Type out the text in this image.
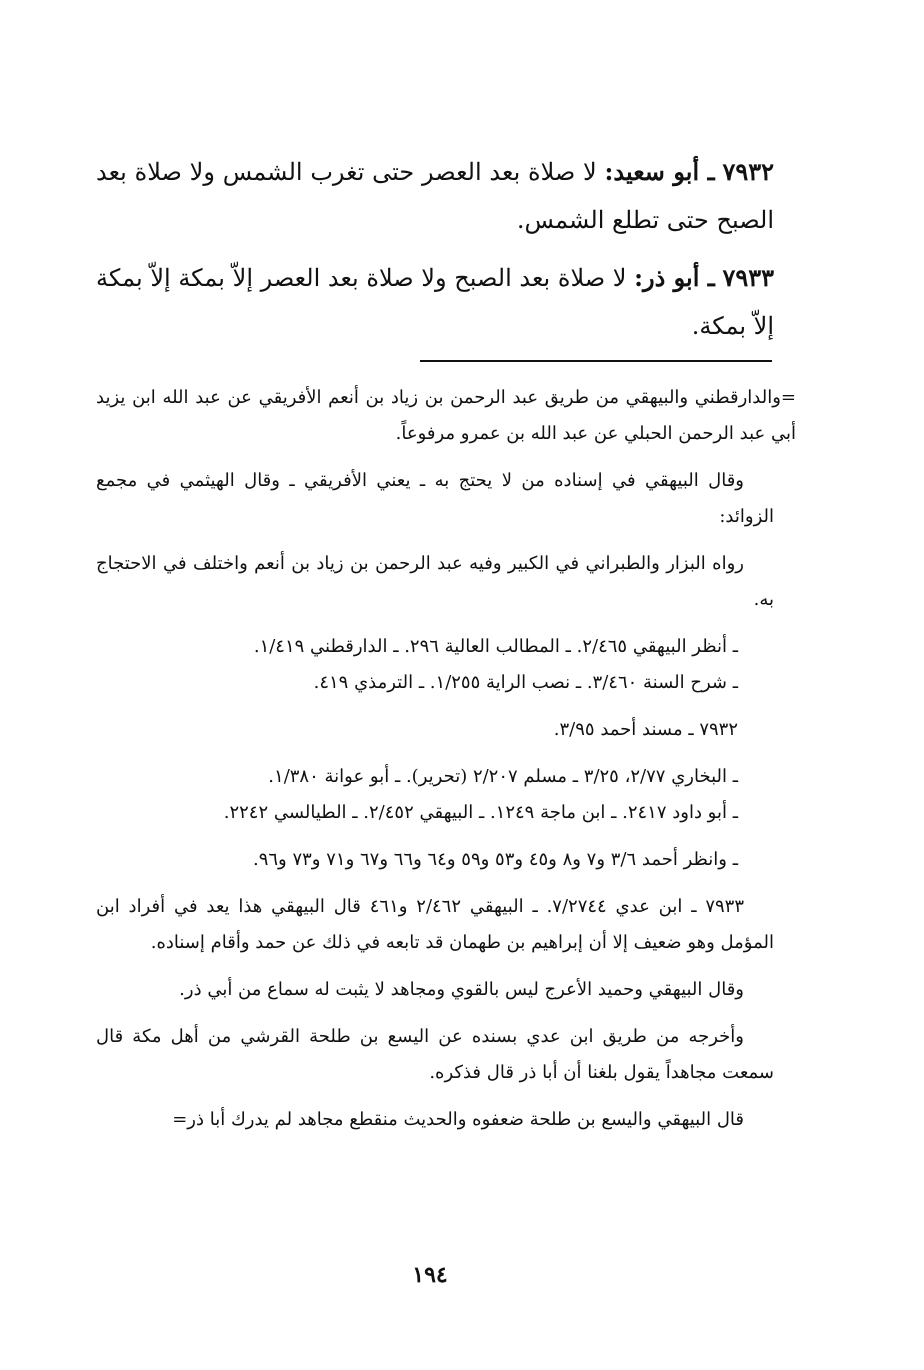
٧٩٣٢ ـ أبو سعيد: لا صلاة بعد العصر حتى تغرب الشمس ولا صلاة بعد الصبح حتى تطلع الشمس.

٧٩٣٣ ـ أبو ذر: لا صلاة بعد الصبح ولا صلاة بعد العصر إلاّ بمكة إلاّ بمكة إلاّ بمكة.

=والدارقطني والبيهقي من طريق عبد الرحمن بن زياد بن أنعم الأفريقي عن عبد الله ابن يزيد أبي عبد الرحمن الحبلي عن عبد الله بن عمرو مرفوعاً.

وقال البيهقي في إسناده من لا يحتج به ـ يعني الأفريقي ـ وقال الهيثمي في مجمع الزوائد:

رواه البزار والطبراني في الكبير وفيه عبد الرحمن بن زياد بن أنعم واختلف في الاحتجاج به.

ـ أنظر البيهقي ٢/٤٦٥. ـ المطالب العالية ٢٩٦. ـ الدارقطني ١/٤١٩.

ـ شرح السنة ٣/٤٦٠. ـ نصب الراية ١/٢٥٥. ـ الترمذي ٤١٩.

٧٩٣٢ ـ مسند أحمد ٣/٩٥.

ـ البخاري ٢/٧٧، ٣/٢٥ ـ مسلم ٢/٢٠٧ (تحرير). ـ أبو عوانة ١/٣٨٠.

ـ أبو داود ٢٤١٧. ـ ابن ماجة ١٢٤٩. ـ البيهقي ٢/٤٥٢. ـ الطيالسي ٢٢٤٢.

ـ وانظر أحمد ٣/٦ و٧ و٨ و٤٥ و٥٣ و٥٩ و٦٤ و٦٦ و٦٧ و٧١ و٧٣ و٩٦.

٧٩٣٣ ـ ابن عدي ٧/٢٧٤٤. ـ البيهقي ٢/٤٦٢ و٤٦١ قال البيهقي هذا يعد في أفراد ابن المؤمل وهو ضعيف إلا أن إبراهيم بن طهمان قد تابعه في ذلك عن حمد وأقام إسناده.

وقال البيهقي وحميد الأعرج ليس بالقوي ومجاهد لا يثبت له سماع من أبي ذر.

وأخرجه من طريق ابن عدي بسنده عن اليسع بن طلحة القرشي من أهل مكة قال سمعت مجاهداً يقول بلغنا أن أبا ذر قال فذكره.

قال البيهقي واليسع بن طلحة ضعفوه والحديث منقطع مجاهد لم يدرك أبا ذر=

١٩٤
